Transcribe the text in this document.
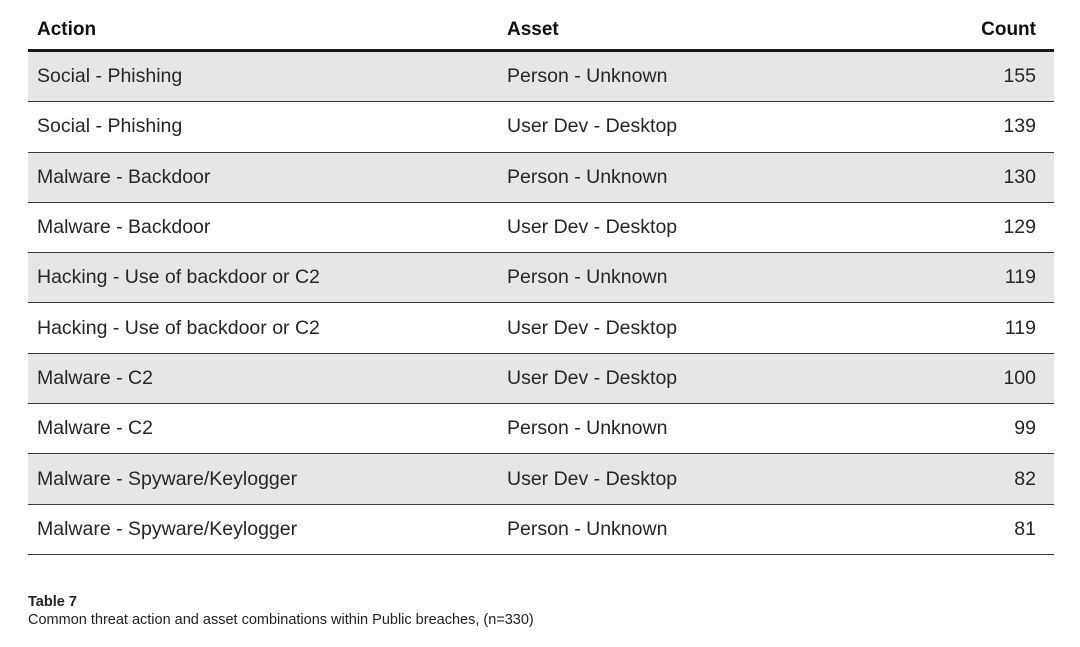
Action	Asset	Count
Social - Phishing	Person - Unknown	155
Social - Phishing	User Dev - Desktop	139
Malware - Backdoor	Person - Unknown	130
Malware - Backdoor	User Dev - Desktop	129
Hacking - Use of backdoor or C2	Person - Unknown	119
Hacking - Use of backdoor or C2	User Dev - Desktop	119
Malware - C2	User Dev - Desktop	100
Malware - C2	Person - Unknown	99
Malware - Spyware/Keylogger	User Dev - Desktop	82
Malware - Spyware/Keylogger	Person - Unknown	81
Table 7
Common threat action and asset combinations within Public breaches, (n=330)
